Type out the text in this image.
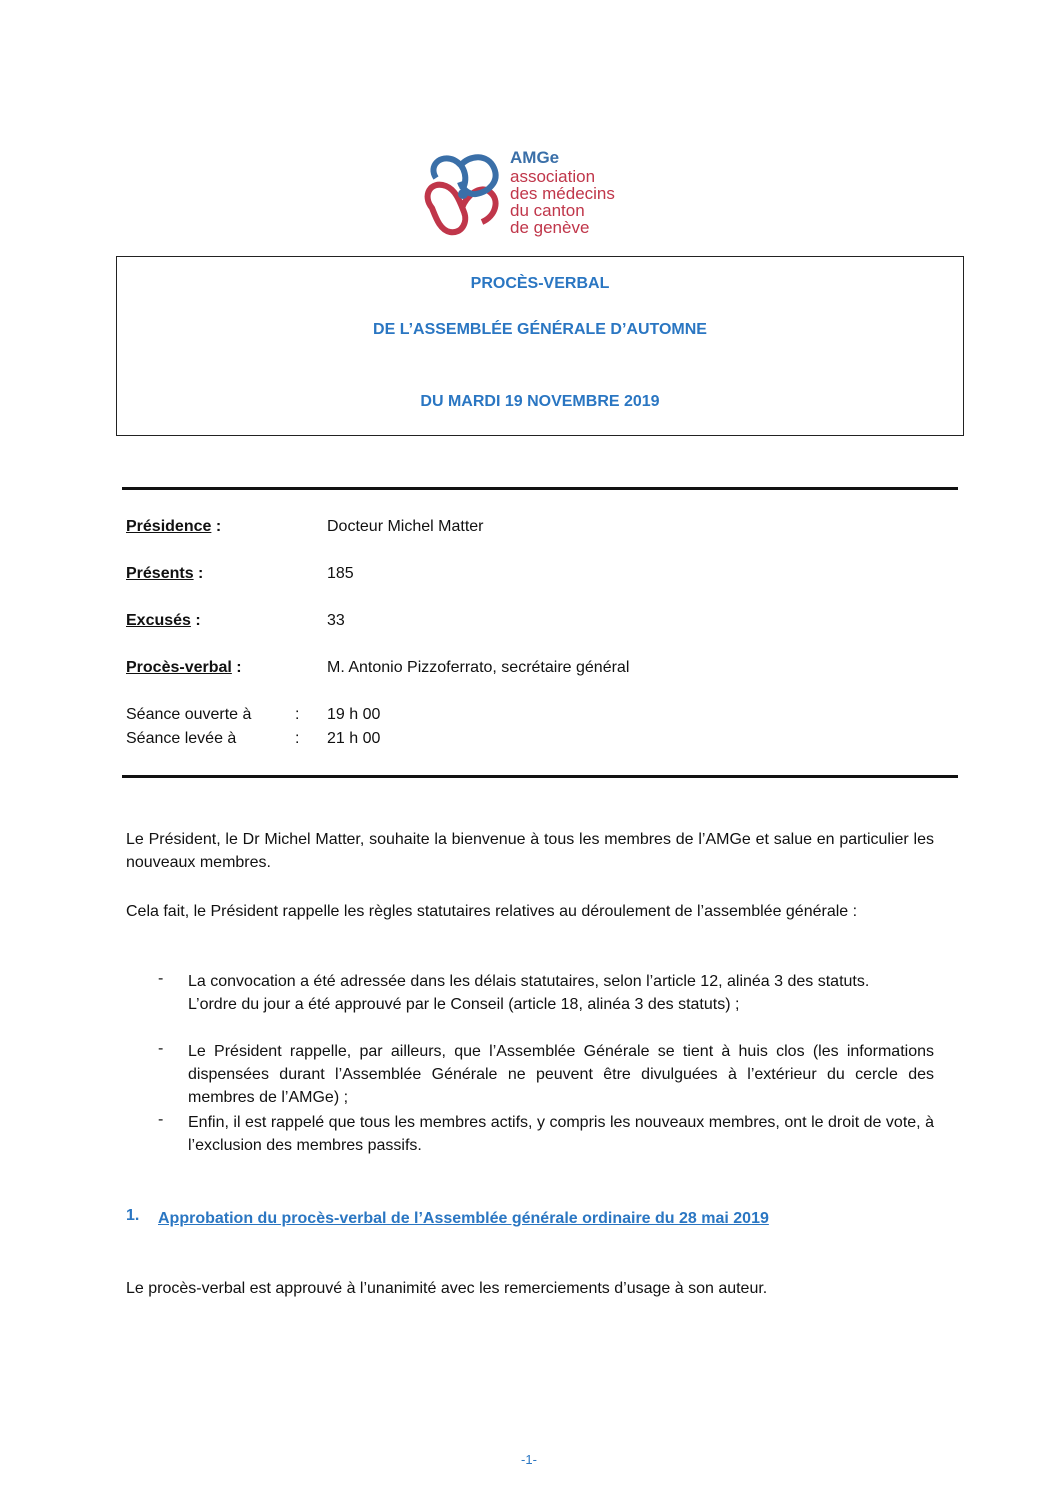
AMGe
association
des médecins
du canton
de genève
PROCÈS-VERBAL
DE L’ASSEMBLÉE GÉNÉRALE D’AUTOMNE
DU MARDI 19 NOVEMBRE 2019
Présidence :	Docteur Michel Matter
Présents :	185
Excusés :	33
Procès-verbal :	M. Antonio Pizzoferrato, secrétaire général
Séance ouverte à	: 19 h 00
Séance levée à	: 21 h 00
Le Président, le Dr Michel Matter, souhaite la bienvenue à tous les membres de l’AMGe et salue en particulier les nouveaux membres.
Cela fait, le Président rappelle les règles statutaires relatives au déroulement de l’assemblée générale :
- La convocation a été adressée dans les délais statutaires, selon l’article 12, alinéa 3 des statuts.
L’ordre du jour a été approuvé par le Conseil (article 18, alinéa 3 des statuts) ;
- Le Président rappelle, par ailleurs, que l’Assemblée Générale se tient à huis clos (les informations dispensées durant l’Assemblée Générale ne peuvent être divulguées à l’extérieur du cercle des membres de l’AMGe) ;
- Enfin, il est rappelé que tous les membres actifs, y compris les nouveaux membres, ont le droit de vote, à l’exclusion des membres passifs.
1. Approbation du procès-verbal de l’Assemblée générale ordinaire du 28 mai 2019
Le procès-verbal est approuvé à l’unanimité avec les remerciements d’usage à son auteur.
-1-
